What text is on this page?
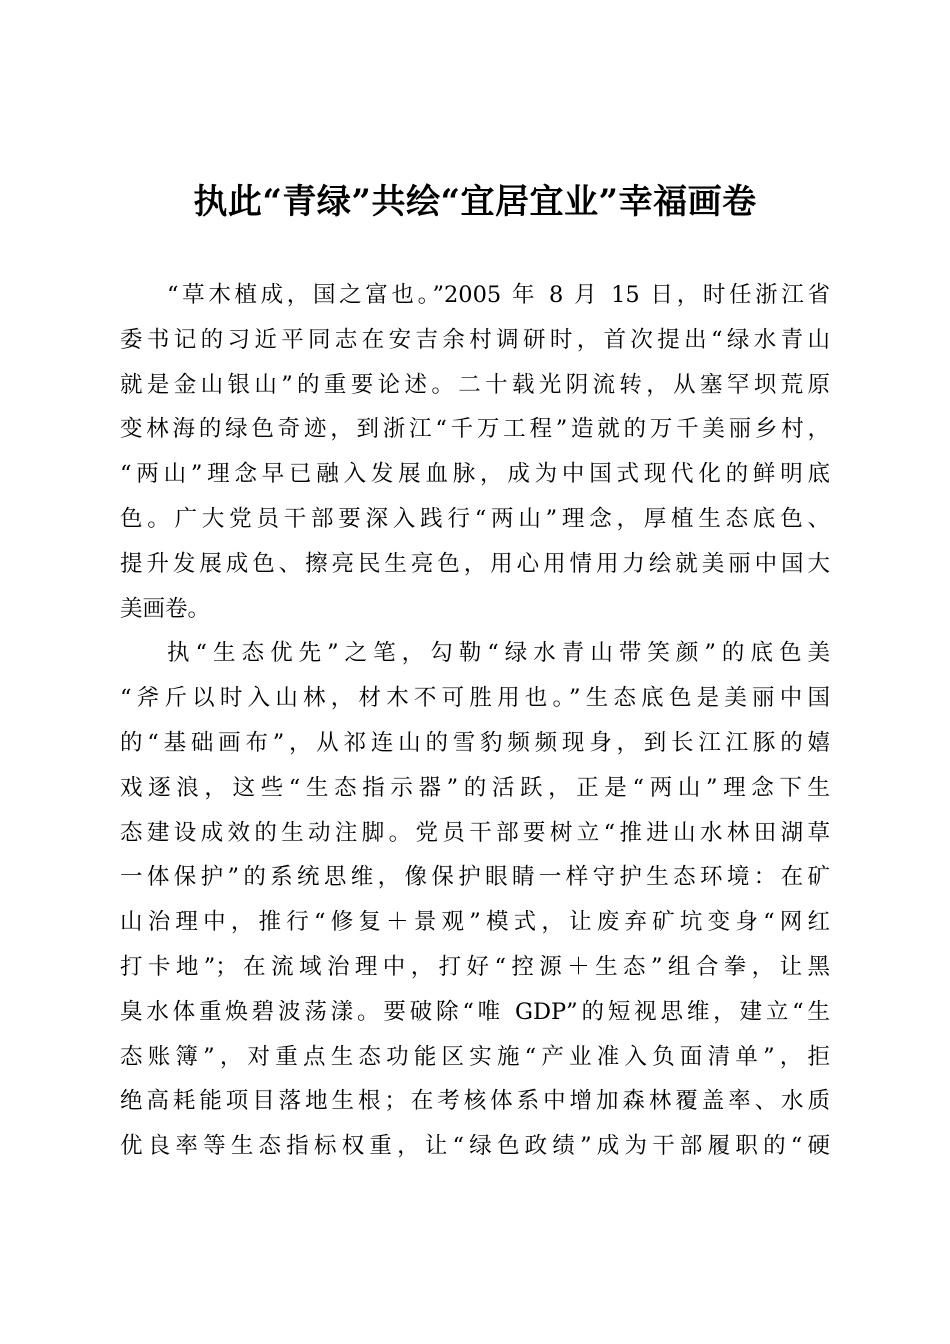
执此“青绿”共绘“宜居宜业”幸福画卷
“草木植成，国之富也。”2005 年 8 月 15 日，时任浙江省
委书记的习近平同志在安吉余村调研时，首次提出“绿水青山
就是金山银山”的重要论述。二十载光阴流转，从塞罕坝荒原
变林海的绿色奇迹，到浙江“千万工程”造就的万千美丽乡村，
“两山”理念早已融入发展血脉，成为中国式现代化的鲜明底
色。广大党员干部要深入践行“两山”理念，厚植生态底色、
提升发展成色、擦亮民生亮色，用心用情用力绘就美丽中国大
美画卷。
执“生态优先”之笔，勾勒“绿水青山带笑颜”的底色美
“斧斤以时入山林，材木不可胜用也。”生态底色是美丽中国
的“基础画布”，从祁连山的雪豹频频现身，到长江江豚的嬉
戏逐浪，这些“生态指示器”的活跃，正是“两山”理念下生
态建设成效的生动注脚。党员干部要树立“推进山水林田湖草
一体保护”的系统思维，像保护眼睛一样守护生态环境：在矿
山治理中，推行“修复＋景观”模式，让废弃矿坑变身“网红
打卡地”；在流域治理中，打好“控源＋生态”组合拳，让黑
臭水体重焕碧波荡漾。要破除“唯 GDP”的短视思维，建立“生
态账簿”，对重点生态功能区实施“产业准入负面清单”，拒
绝高耗能项目落地生根；在考核体系中增加森林覆盖率、水质
优良率等生态指标权重，让“绿色政绩”成为干部履职的“硬
